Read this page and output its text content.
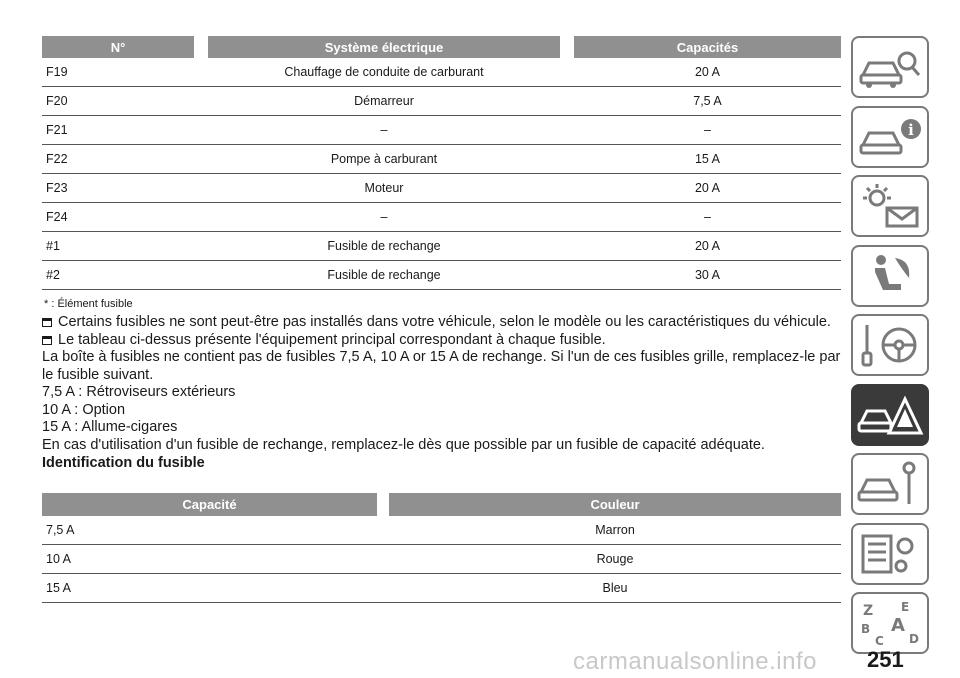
N°	Système électrique	Capacités
F19	Chauffage de conduite de carburant	20 A
F20	Démarreur	7,5 A
F21	–	–
F22	Pompe à carburant	15 A
F23	Moteur	20 A
F24	–	–
#1	Fusible de rechange	20 A
#2	Fusible de rechange	30 A
* : Élément fusible

Certains fusibles ne sont peut-être pas installés dans votre véhicule, selon le modèle ou les caractéristiques du véhicule.

Le tableau ci-dessus présente l'équipement principal correspondant à chaque fusible.

La boîte à fusibles ne contient pas de fusibles 7,5 A, 10 A or 15 A de rechange. Si l'un de ces fusibles grille, remplacez-le par le fusible suivant.

7,5 A : Rétroviseurs extérieurs

10 A : Option

15 A : Allume-cigares

En cas d'utilisation d'un fusible de rechange, remplacez-le dès que possible par un fusible de capacité adéquate.

Identification du fusible

Capacité	Couleur
7,5 A	Marron
10 A	Rouge
15 A	Bleu
i
Z E
B A
C D
carmanualsonline.info 251
